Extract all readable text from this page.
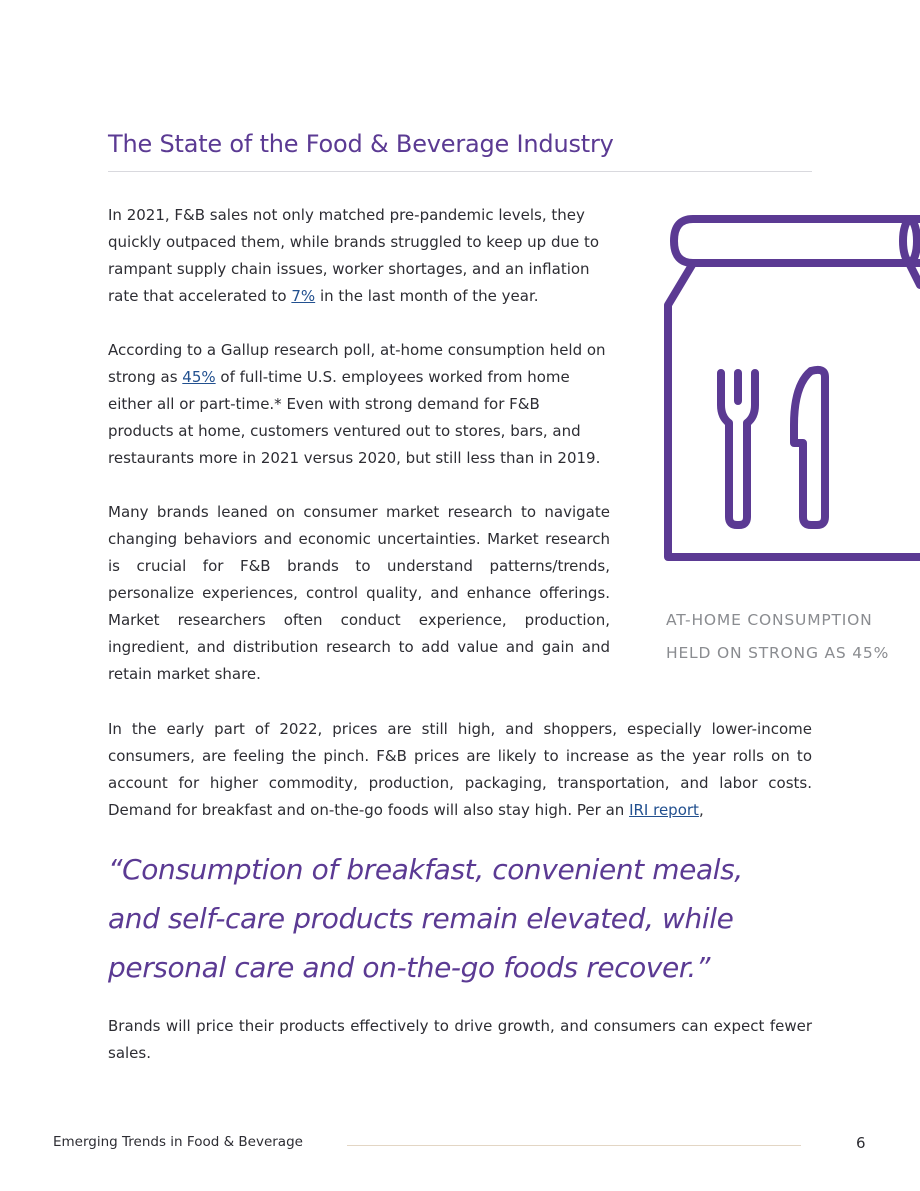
The State of the Food & Beverage Industry

In 2021, F&B sales not only matched pre-pandemic levels, they quickly outpaced them, while brands struggled to keep up due to rampant supply chain issues, worker shortages, and an inflation rate that accelerated to 7% in the last month of the year.

According to a Gallup research poll, at-home consumption held on strong as 45% of full-time U.S. employees worked from home either all or part-time.* Even with strong demand for F&B products at home, customers ventured out to stores, bars, and restaurants more in 2021 versus 2020, but still less than in 2019.

Many brands leaned on consumer market research to navigate changing behaviors and economic uncertainties. Market research is crucial for F&B brands to understand patterns/trends, personalize experiences, control quality, and enhance offerings. Market researchers often conduct experience, production, ingredient, and distribution research to add value and gain and retain market share.

AT-HOME CONSUMPTION
HELD ON STRONG AS 45%

In the early part of 2022, prices are still high, and shoppers, especially lower-income consumers, are feeling the pinch. F&B prices are likely to increase as the year rolls on to account for higher commodity, production, packaging, transportation, and labor costs. Demand for breakfast and on-the-go foods will also stay high. Per an IRI report,

“Consumption of breakfast, convenient meals, and self-care products remain elevated, while personal care and on-the-go foods recover.”

Brands will price their products effectively to drive growth, and consumers can expect fewer sales.

Emerging Trends in Food & Beverage	6
